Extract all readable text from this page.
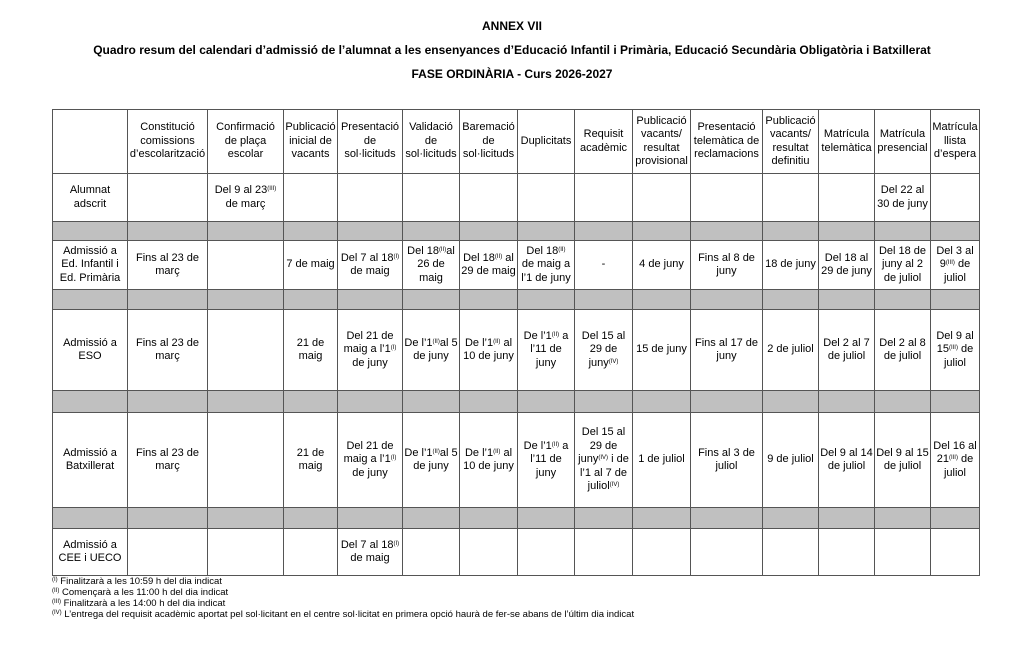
ANNEX VII
Quadro resum del calendari d’admissió de l’alumnat a les ensenyances d’Educació Infantil i Primària, Educació Secundària Obligatòria i Batxillerat
FASE ORDINÀRIA - Curs 2026-2027
	Constitució comissions d’escolarització	Confirmació de plaça escolar	Publicació inicial de vacants	Presentació de sol·licituds	Validació de sol·licituds	Baremació de sol·licituds	Duplicitats	Requisit acadèmic	Publicació vacants/ resultat provisional	Presentació telemàtica de reclamacions	Publicació vacants/ resultat definitiu	Matrícula telemàtica	Matrícula presencial	Matrícula llista d’espera
Alumnat adscrit		Del 9 al $23^{(III)}$ de març											Del 22 al 30 de juny	

Admissió a Ed. Infantil i Ed. Primària	Fins al 23 de març		7 de maig	Del 7 al $18^{(I)}$ de maig	Del $18^{(II)}al$ 26 de maig	Del $18^{(II)}$ al 29 de maig	Del $18^{(II)}$ de maig a l’1 de juny	-	4 de juny	Fins al 8 de juny	18 de juny	Del 18 al 29 de juny	Del 18 de juny al 2 de juliol	Del 3 al $9^{(III)}$ de juliol

Admissió a ESO	Fins al 23 de març		21 de maig	Del 21 de maig a $l’1^{(I)}$ de juny	De $l’1^{(II)}al$ 5 de juny	De $l’1^{(II)}$ al 10 de juny	De $l’1^{(II)}$ a l’11 de juny	Del 15 al 29 de juny$^{(IV)}$	15 de juny	Fins al 17 de juny	2 de juliol	Del 2 al 7 de juliol	Del 2 al 8 de juliol	Del 9 al $15^{(III)}$ de juliol

Admissió a Batxillerat	Fins al 23 de març		21 de maig	Del 21 de maig a $l’1^{(I)}$ de juny	De $l’1^{(II)}al$ 5 de juny	De $l’1^{(II)}$ al 10 de juny	De $l’1^{(II)}$ a l’11 de juny	Del 15 al 29 de juny$^{(IV)}$ i de l’1 al 7 de juliol$^{(IV)}$	1 de juliol	Fins al 3 de juliol	9 de juliol	Del 9 al 14 de juliol	Del 9 al 15 de juliol	Del 16 al $21^{(III)}$ de juliol

Admissió a CEE i UECO				Del 7 al $18^{(I)}$ de maig										
$^{(I)}$ Finalitzarà a les 10:59 h del dia indicat
$^{(II)}$ Començarà a les 11:00 h del dia indicat
$^{(III)}$ Finalitzarà a les 14:00 h del dia indicat
$^{(IV)}$ L’entrega del requisit acadèmic aportat pel sol·licitant en el centre sol·licitat en primera opció haurà de fer-se abans de l’últim dia indicat
